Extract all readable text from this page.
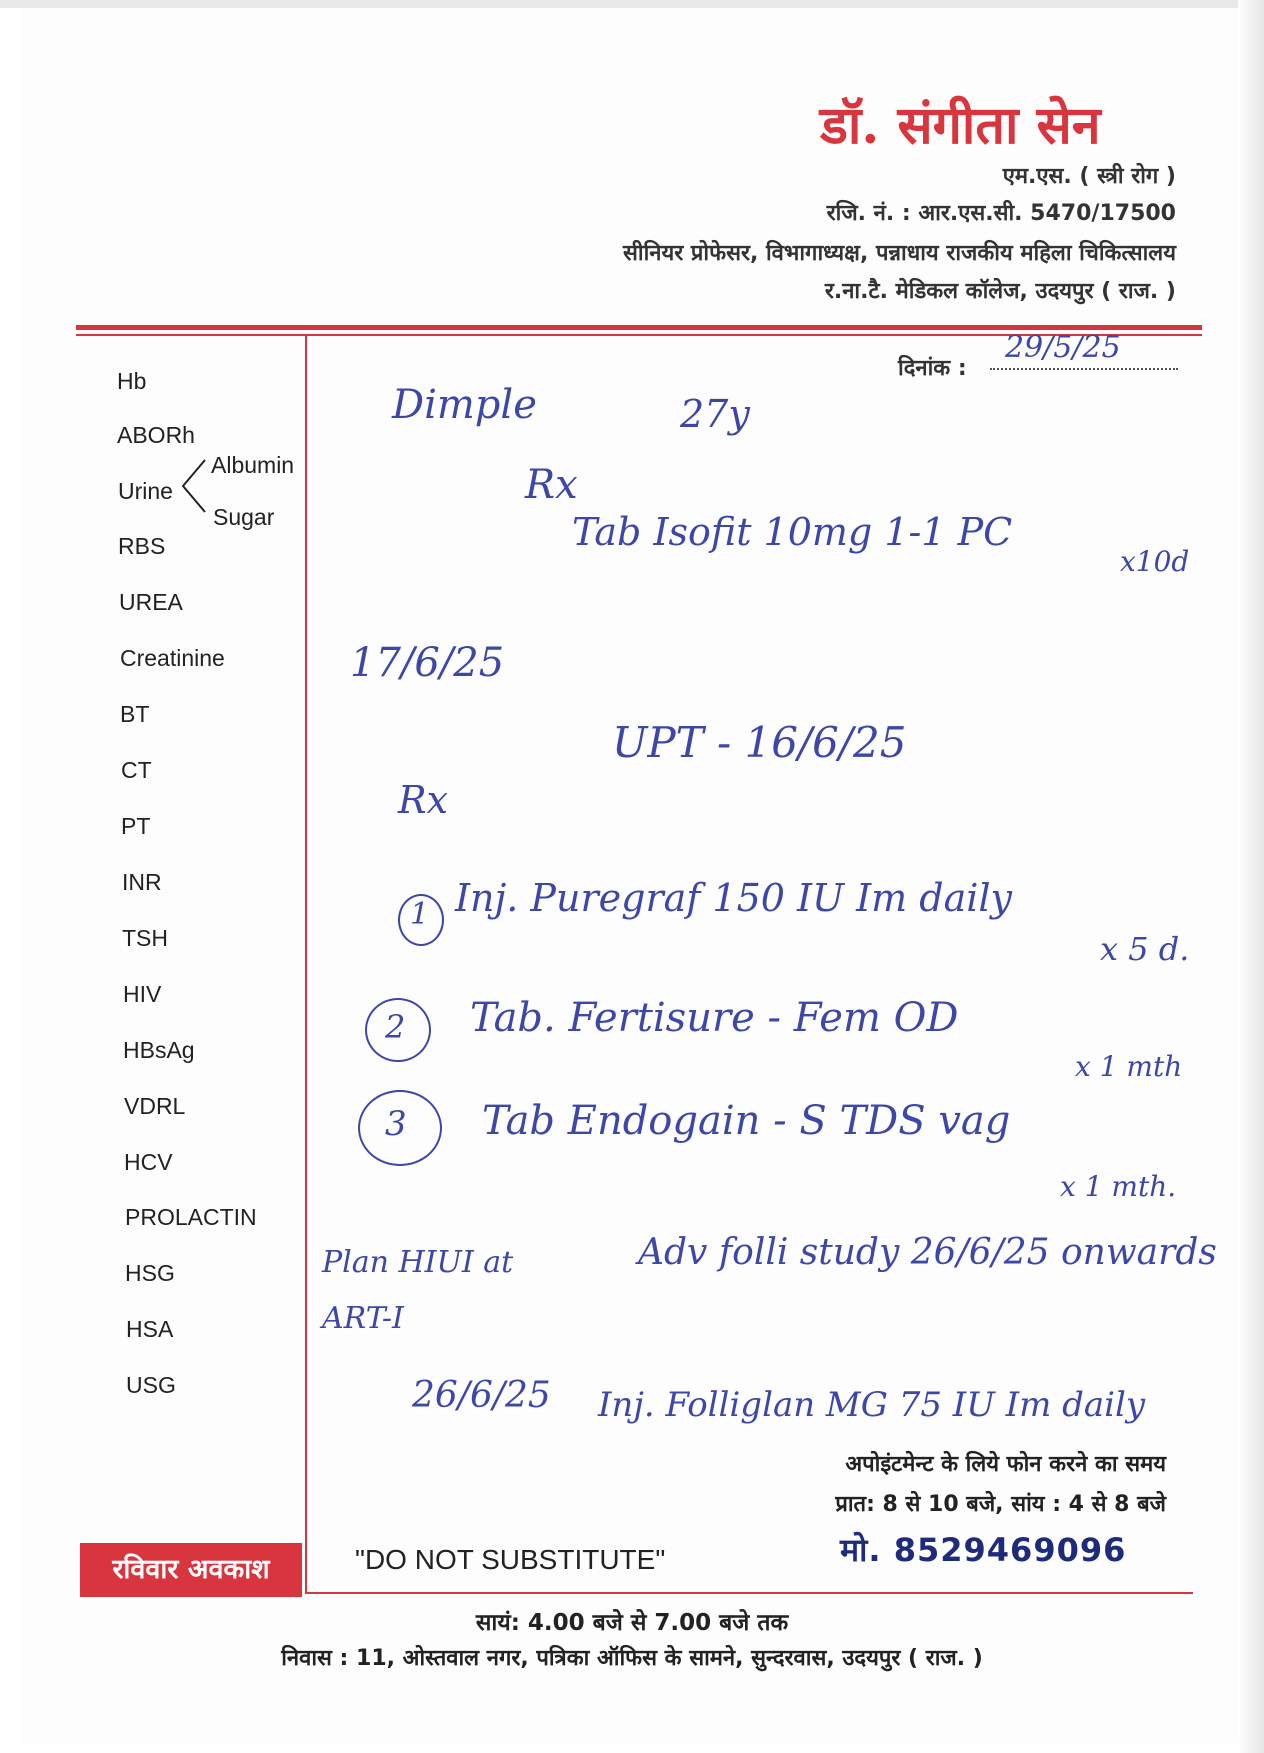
डॉ. संगीता सेन
एम.एस. ( स्त्री रोग )
रजि. नं. : आर.एस.सी. 5470/17500
सीनियर प्रोफेसर, विभागाध्यक्ष, पन्नाधाय राजकीय महिला चिकित्सालय
र.ना.टै. मेडिकल कॉलेज, उदयपुर ( राज. )
दिनांक :
29/5/25
Hb
ABORh
Urine
Albumin
Sugar
RBS
UREA
Creatinine
BT
CT
PT
INR
TSH
HIV
HBsAg
VDRL
HCV
PROLACTIN
HSG
HSA
USG
Dimple	27y
Rx
Tab Isofit 10mg 1-1 PC
x10d
17/6/25
UPT - 16/6/25
Rx
1 Inj. Puregraf 150 IU Im daily
x 5 d.
2 Tab. Fertisure - Fem OD
x 1 mth
3 Tab Endogain - S TDS vag
x 1 mth.
Plan HIUI at ART-I
Adv folli study 26/6/25 onwards
26/6/25 Inj. Folliglan MG 75 IU Im daily
अपोइंटमेन्ट के लिये फोन करने का समय
प्रात: 8 से 10 बजे, सांय : 4 से 8 बजे
मो. 8529469096
"DO NOT SUBSTITUTE"
रविवार अवकाश
सायं: 4.00 बजे से 7.00 बजे तक
निवास : 11, ओस्तवाल नगर, पत्रिका ऑफिस के सामने, सुन्दरवास, उदयपुर ( राज. )
